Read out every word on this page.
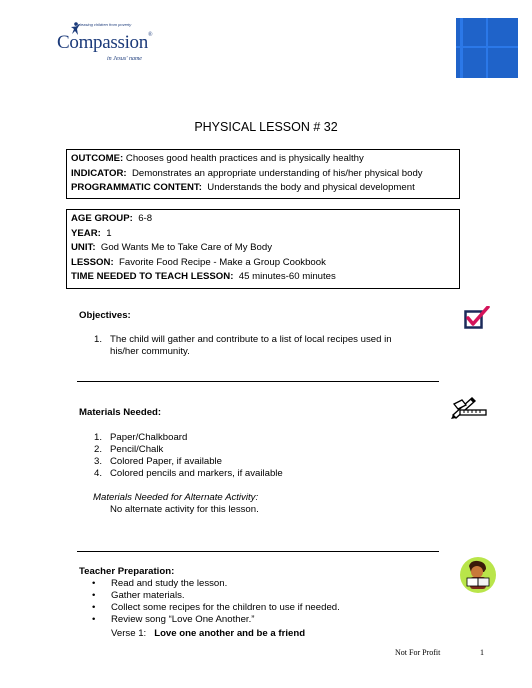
Releasing children from poverty
Compassion®
in Jesus' name
PHYSICAL LESSON # 32
OUTCOME: Chooses good health practices and is physically healthy
INDICATOR: Demonstrates an appropriate understanding of his/her physical body
PROGRAMMATIC CONTENT: Understands the body and physical development
AGE GROUP: 6-8
YEAR: 1
UNIT: God Wants Me to Take Care of My Body
LESSON: Favorite Food Recipe - Make a Group Cookbook
TIME NEEDED TO TEACH LESSON: 45 minutes-60 minutes
Objectives:
1. The child will gather and contribute to a list of local recipes used in
his/her community.
Materials Needed:
1. Paper/Chalkboard
2. Pencil/Chalk
3. Colored Paper, if available
4. Colored pencils and markers, if available
Materials Needed for Alternate Activity:
No alternate activity for this lesson.
Teacher Preparation:
• Read and study the lesson.
• Gather materials.
• Collect some recipes for the children to use if needed.
• Review song “Love One Another.”
Verse 1: Love one another and be a friend
Not For Profit	1
